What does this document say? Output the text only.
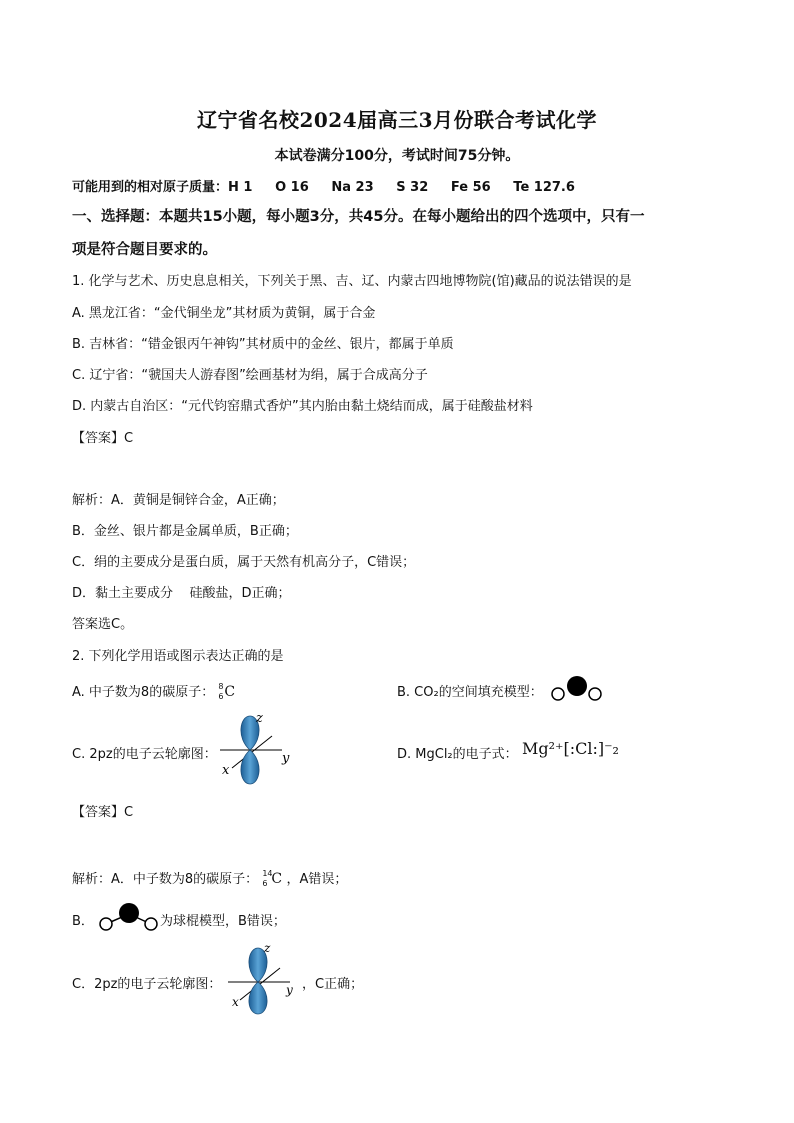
辽宁省名校2024届高三3月份联合考试化学
本试卷满分100分，考试时间75分钟。
可能用到的相对原子质量：H 1     O 16     Na 23     S 32     Fe 56     Te 127.6
一、选择题：本题共15小题，每小题3分，共45分。在每小题给出的四个选项中，只有一
项是符合题目要求的。
1. 化学与艺术、历史息息相关，下列关于黑、吉、辽、内蒙古四地博物院(馆)藏品的说法错误的是
A. 黑龙江省：“金代铜坐龙”其材质为黄铜，属于合金
B. 吉林省：“错金银丙午神钩”其材质中的金丝、银片，都属于单质
C. 辽宁省：“虢国夫人游春图”绘画基材为绢，属于合成高分子
D. 内蒙古自治区：“元代钧窑鼎式香炉”其内胎由黏土烧结而成，属于硅酸盐材料
【答案】C
解析：A．黄铜是铜锌合金，A正确；
B．金丝、银片都是金属单质，B正确；
C．绢的主要成分是蛋白质，属于天然有机高分子，C错误；
D．黏土主要成分    硅酸盐，D正确；
答案选C。
2. 下列化学用语或图示表达正确的是
A. 中子数为8的碳原子： 8
6 C	B. CO₂的空间填充模型：
C. 2pz的电子云轮廓图：
z
y
x
D. MgCl₂的电子式： Mg²⁺[:Cl:]⁻₂
【答案】C
解析：A．中子数为8的碳原子： 14
6 C ，A错误；
B．	为球棍模型，B错误；
C．2pz的电子云轮廓图：
z
y
x
，C正确；
